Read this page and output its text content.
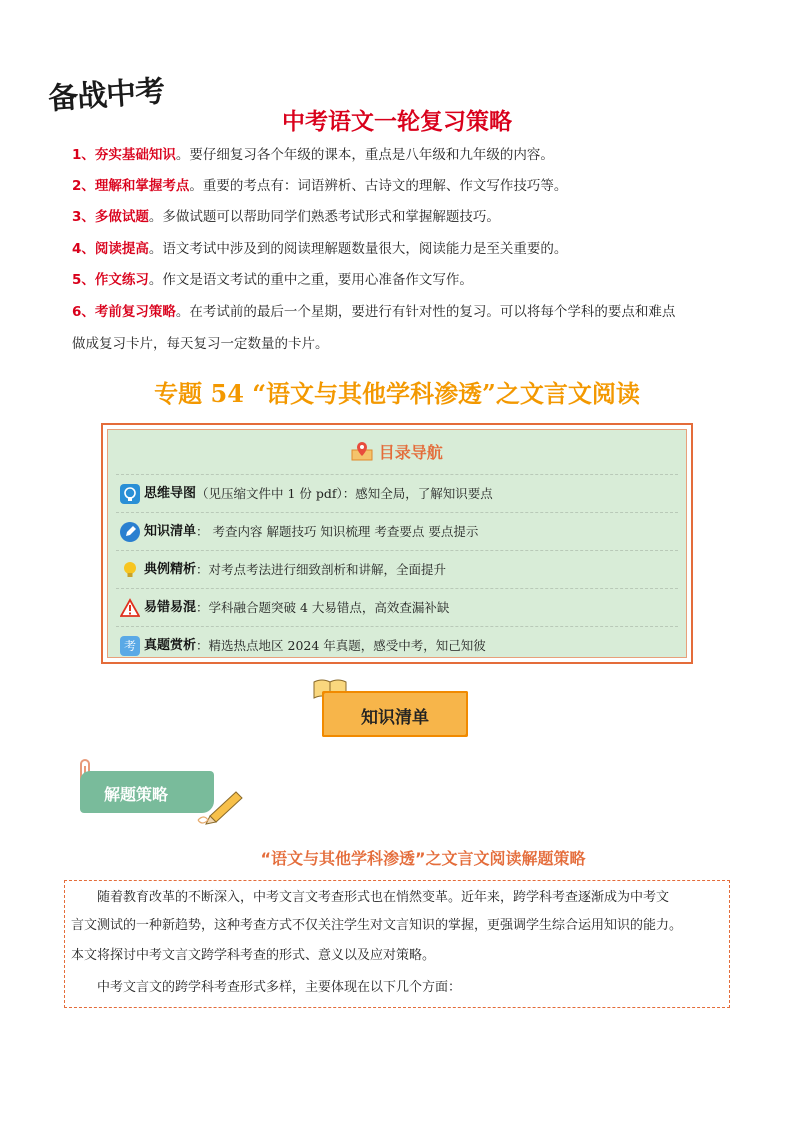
备战中考
中考语文一轮复习策略
1、夯实基础知识。要仔细复习各个年级的课本，重点是八年级和九年级的内容。
2、理解和掌握考点。重要的考点有：词语辨析、古诗文的理解、作文写作技巧等。
3、多做试题。多做试题可以帮助同学们熟悉考试形式和掌握解题技巧。
4、阅读提高。语文考试中涉及到的阅读理解题数量很大，阅读能力是至关重要的。
5、作文练习。作文是语文考试的重中之重，要用心准备作文写作。
6、考前复习策略。在考试前的最后一个星期，要进行有针对性的复习。可以将每个学科的要点和难点
做成复习卡片，每天复习一定数量的卡片。
专题 54 “语文与其他学科渗透”之文言文阅读
目录导航
思维导图 （见压缩文件中 1 份 pdf）：感知全局，了解知识要点
知识清单 ： 考查内容 解题技巧 知识梳理 考查要点 要点提示
典例精析 ：对考点考法进行细致剖析和讲解，全面提升
易错易混 ：学科融合题突破 4 大易错点，高效查漏补缺
考 真题赏析 ：精选热点地区 2024 年真题，感受中考，知己知彼
知识清单
解题策略
“语文与其他学科渗透”之文言文阅读解题策略
随着教育改革的不断深入，中考文言文考查形式也在悄然变革。近年来，跨学科考查逐渐成为中考文
言文测试的一种新趋势，这种考查方式不仅关注学生对文言知识的掌握，更强调学生综合运用知识的能力。
本文将探讨中考文言文跨学科考查的形式、意义以及应对策略。
中考文言文的跨学科考查形式多样，主要体现在以下几个方面：
